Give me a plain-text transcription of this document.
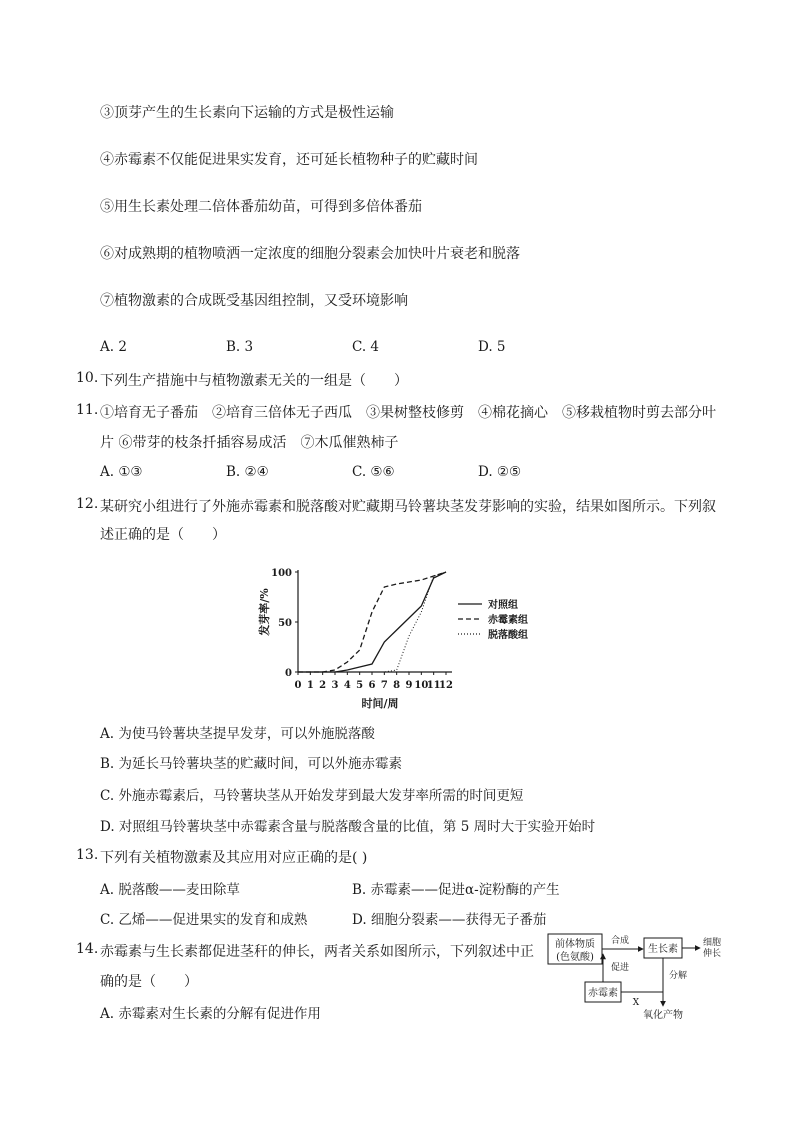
③顶芽产生的生长素向下运输的方式是极性运输
④赤霉素不仅能促进果实发育，还可延长植物种子的贮藏时间
⑤用生长素处理二倍体番茄幼苗，可得到多倍体番茄
⑥对成熟期的植物喷洒一定浓度的细胞分裂素会加快叶片衰老和脱落
⑦植物激素的合成既受基因组控制，又受环境影响
A. 2	B. 3	C. 4	D. 5
10. 下列生产措施中与植物激素无关的一组是（　　）
11. ①培育无子番茄　②培育三倍体无子西瓜　③果树整枝修剪　④棉花摘心　⑤移栽植物时剪去部分叶
片 ⑥带芽的枝条扦插容易成活　⑦木瓜催熟柿子
A. ①③	B. ②④	C. ⑤⑥	D. ②⑤
12. 某研究小组进行了外施赤霉素和脱落酸对贮藏期马铃薯块茎发芽影响的实验，结果如图所示。下列叙
述正确的是（　　）
0
50
100
0 1 2 3 4 5 6 7 8 9 10
11
12
对照组
赤霉素组
脱落酸组
发芽率/%
时间/周
A. 为使马铃薯块茎提早发芽，可以外施脱落酸
B. 为延长马铃薯块茎的贮藏时间，可以外施赤霉素
C. 外施赤霉素后，马铃薯块茎从开始发芽到最大发芽率所需的时间更短
D. 对照组马铃薯块茎中赤霉素含量与脱落酸含量的比值，第 5 周时大于实验开始时
13. 下列有关植物激素及其应用对应正确的是( )
A. 脱落酸——麦田除草	B. 赤霉素——促进α-淀粉酶的产生
C. 乙烯——促进果实的发育和成熟	D. 细胞分裂素——获得无子番茄
14. 赤霉素与生长素都促进茎秆的伸长，两者关系如图所示，下列叙述中正
确的是（　　）
A. 赤霉素对生长素的分解有促进作用
前体物质
(色氨酸)
合成
生长素
细胞
伸长
赤霉素
促进
分解
X
氧化产物
